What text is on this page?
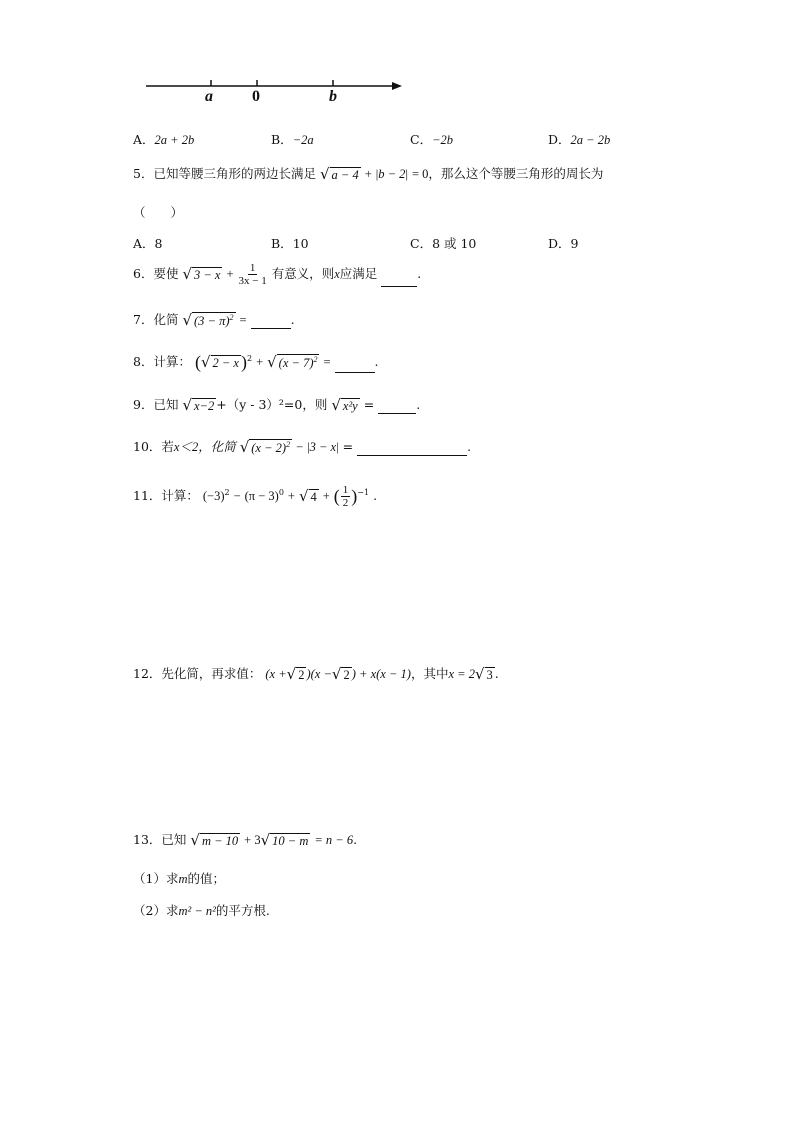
a 0	b
A．2a + 2b	B．−2a	C．−2b	D．2a − 2b
5．已知等腰三角形的两边长满足 √ a − 4 + |b − 2| = 0，那么这个等腰三角形的周长为
（　　）
A．8	B．10	C．8 或 10	D．9
6．要使 √ $3 - x + \frac{1}{3x - 1}$ 有意义，则x应满足	.
7．化简 √ $(3 - \pi)^2$ =	.
8．计算： (√ 2 − x )$^2$ + √ $(x - 7)^2$ =	.
9．已知 √ x−2 +（y - 3）²=0，则 √ x²y =	.
10．若x＜2，化简 √ $(x - 2)^2 - |3 - x|$ =	.
11．计算： $(-3)^2 - (\pi - 3)^0$ + √ 4 + ( $\frac{1}{2} )^{-1}$ .
12．先化简，再求值： (x +√ 2 )(x −√ 2 ) + x(x − 1)，其中x = 2√ 3 .
13．已知 √ m − 10 + 3√ 10 − m = n − 6.
（1）求m的值；
（2）求m² − n²的平方根.
